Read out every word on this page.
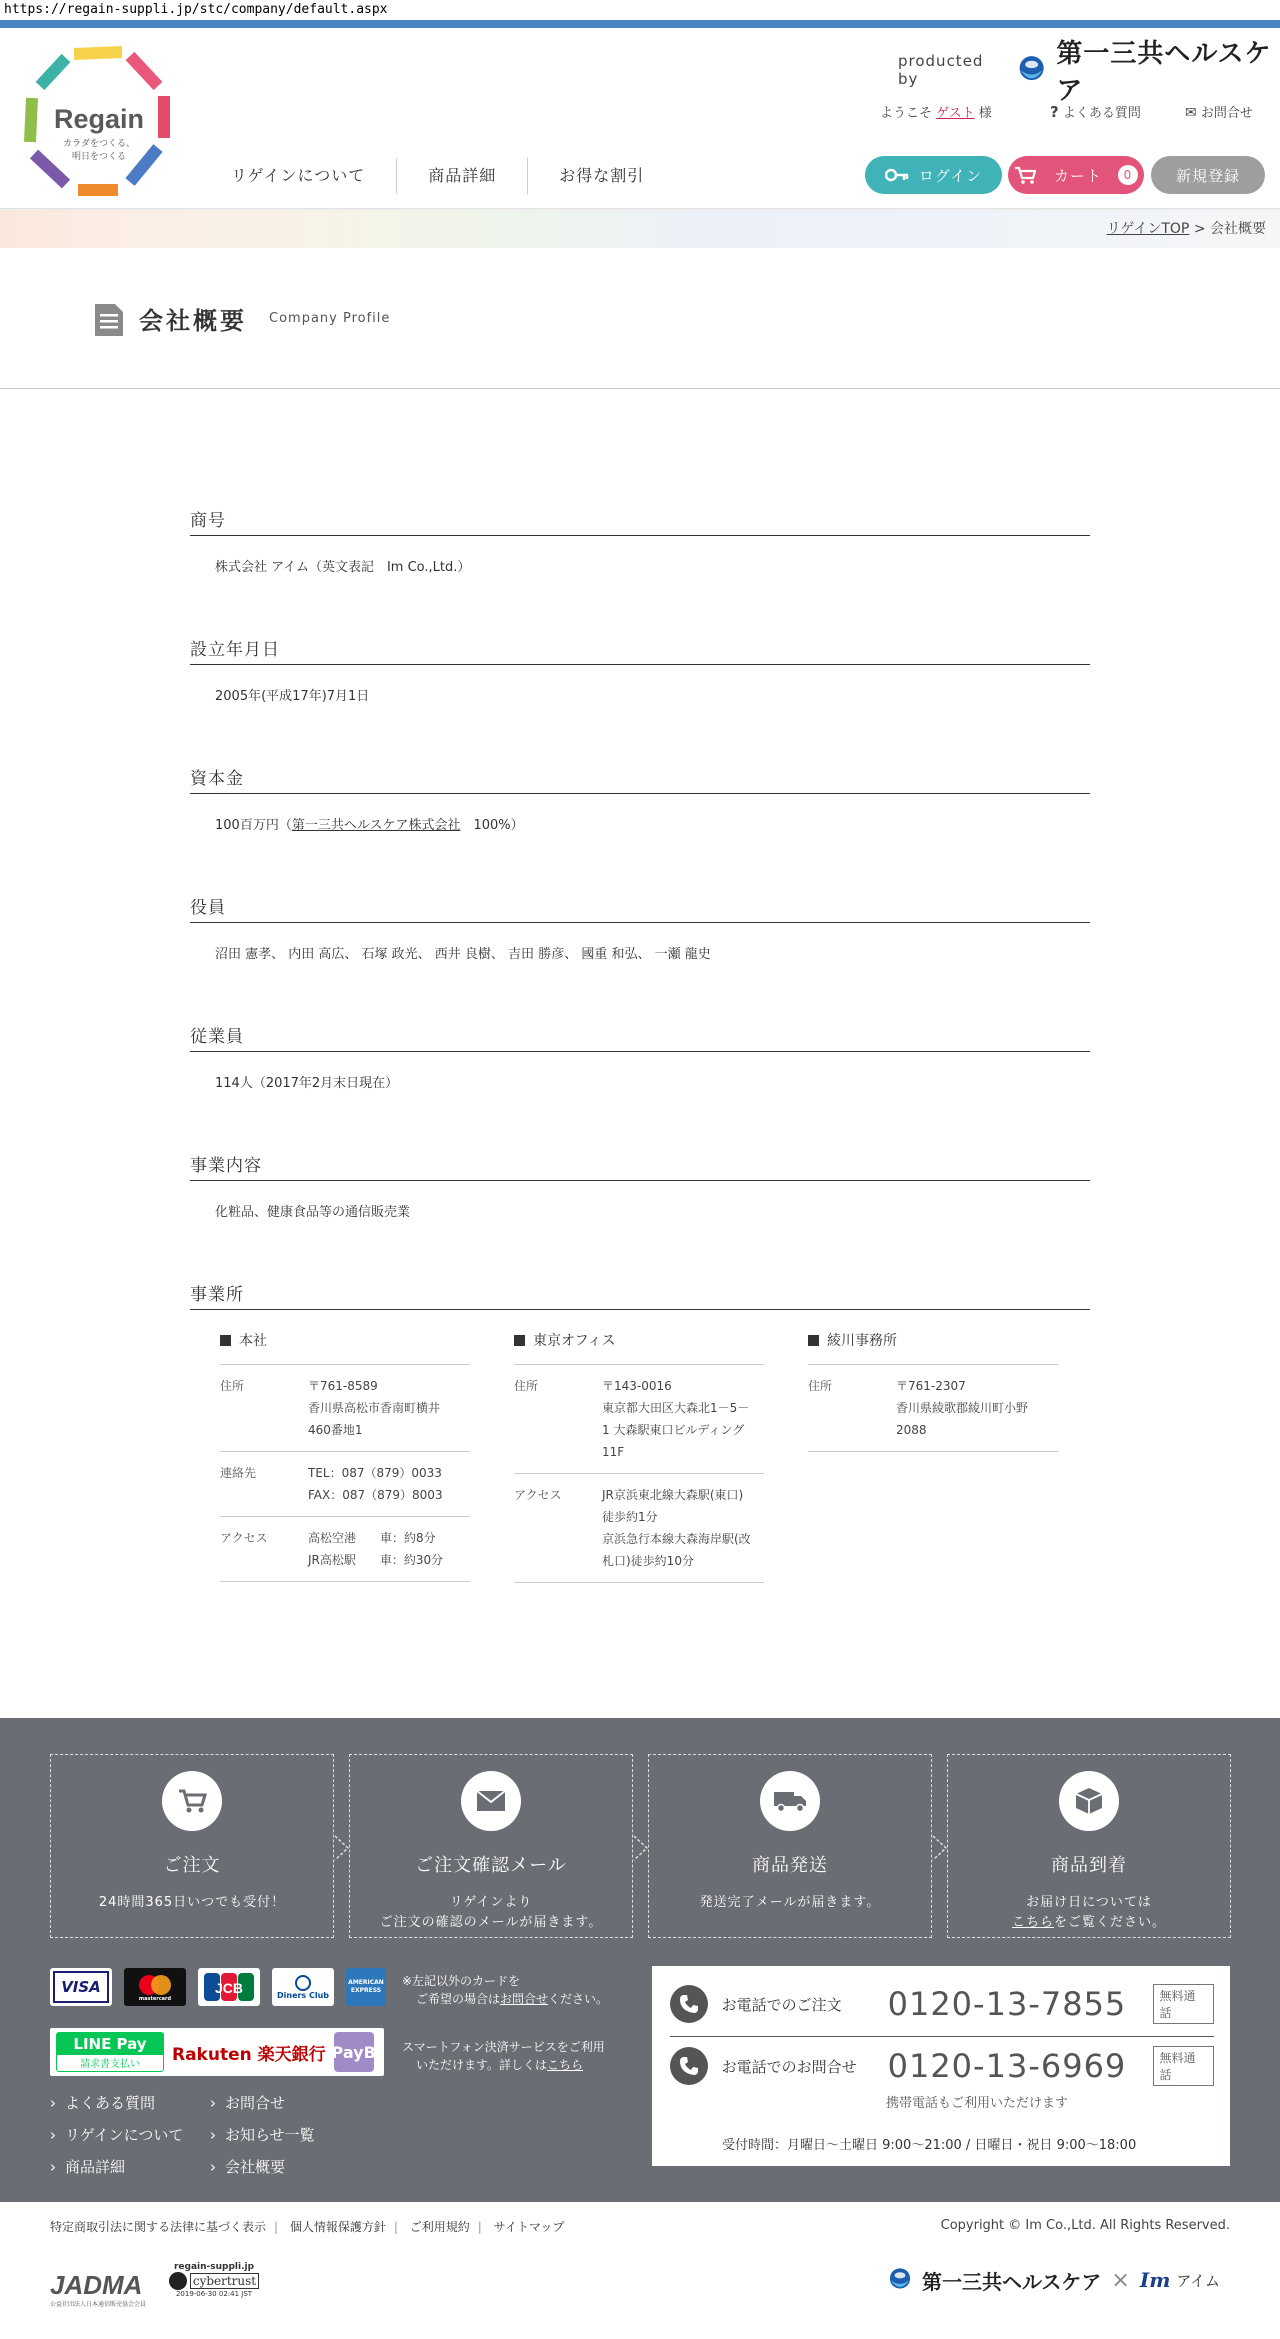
https://regain-suppli.jp/stc/company/default.aspx
Regain
カラダをつくる、
明日をつくる
producted by
第一三共ヘルスケア
ようこそ ゲスト 様	? よくある質問	✉ お問合せ
リゲインについて	商品詳細	お得な割引	ログイン	カート	0	新規登録
リゲインTOP > 会社概要
会社概要 Company Profile
商号
株式会社 アイム（英文表記　Im Co.,Ltd.）
設立年月日
2005年(平成17年)7月1日
資本金
100百万円（第一三共ヘルスケア株式会社　100%）
役員
沼田 憲孝、 内田 高広、 石塚 政光、 西井 良樹、 吉田 勝彦、 國重 和弘、 一瀬 龍史
従業員
114人（2017年2月末日現在）
事業内容
化粧品、健康食品等の通信販売業
事業所
本社
住所	〒761-8589
香川県高松市香南町横井
460番地1
連絡先	TEL：087（879）0033
FAX：087（879）8003
アクセス	高松空港　　車：約8分
JR高松駅　　車：約30分
東京オフィス
住所	〒143-0016
東京都大田区大森北1－5－
1 大森駅東口ビルディング
11F
アクセス	JR京浜東北線大森駅(東口)
徒歩約1分
京浜急行本線大森海岸駅(改
札口)徒歩約10分
綾川事務所
住所	〒761-2307
香川県綾歌郡綾川町小野
2088
ご注文
24時間365日いつでも受付！
ご注文確認メール
リゲインより
ご注文の確認のメールが届きます。
商品発送
発送完了メールが届きます。
商品到着
お届け日については
こちらをご覧ください。
VISA
mastercard
JCB	Diners Club
AMERICAN EXPRESS
※左記以外のカードを
ご希望の場合はお問合せください。
LINE Pay
請求書支払い	Rakuten 楽天銀行 PayB スマートフォン決済サービスをご利用
いただけます。詳しくはこちら
› よくある質問
› リゲインについて
› 商品詳細
› お問合せ
› お知らせ一覧
› 会社概要
お電話でのご注文	0120-13-7855	無料通話
お電話でのお問合せ 0120-13-6969	無料通話
携帯電話もご利用いただけます
受付時間：月曜日～土曜日 9:00～21:00 / 日曜日・祝日 9:00～18:00
特定商取引法に関する法律に基づく表示 | 個人情報保護方針 | ご利用規約 | サイトマップ	Copyright © Im Co.,Ltd. All Rights Reserved.
JADMA
公益社団法人日本通信販売協会会員
regain-suppli.jp
cybertrust
2019-06-30 02:41 JST
第一三共ヘルスケア × Im アイム
